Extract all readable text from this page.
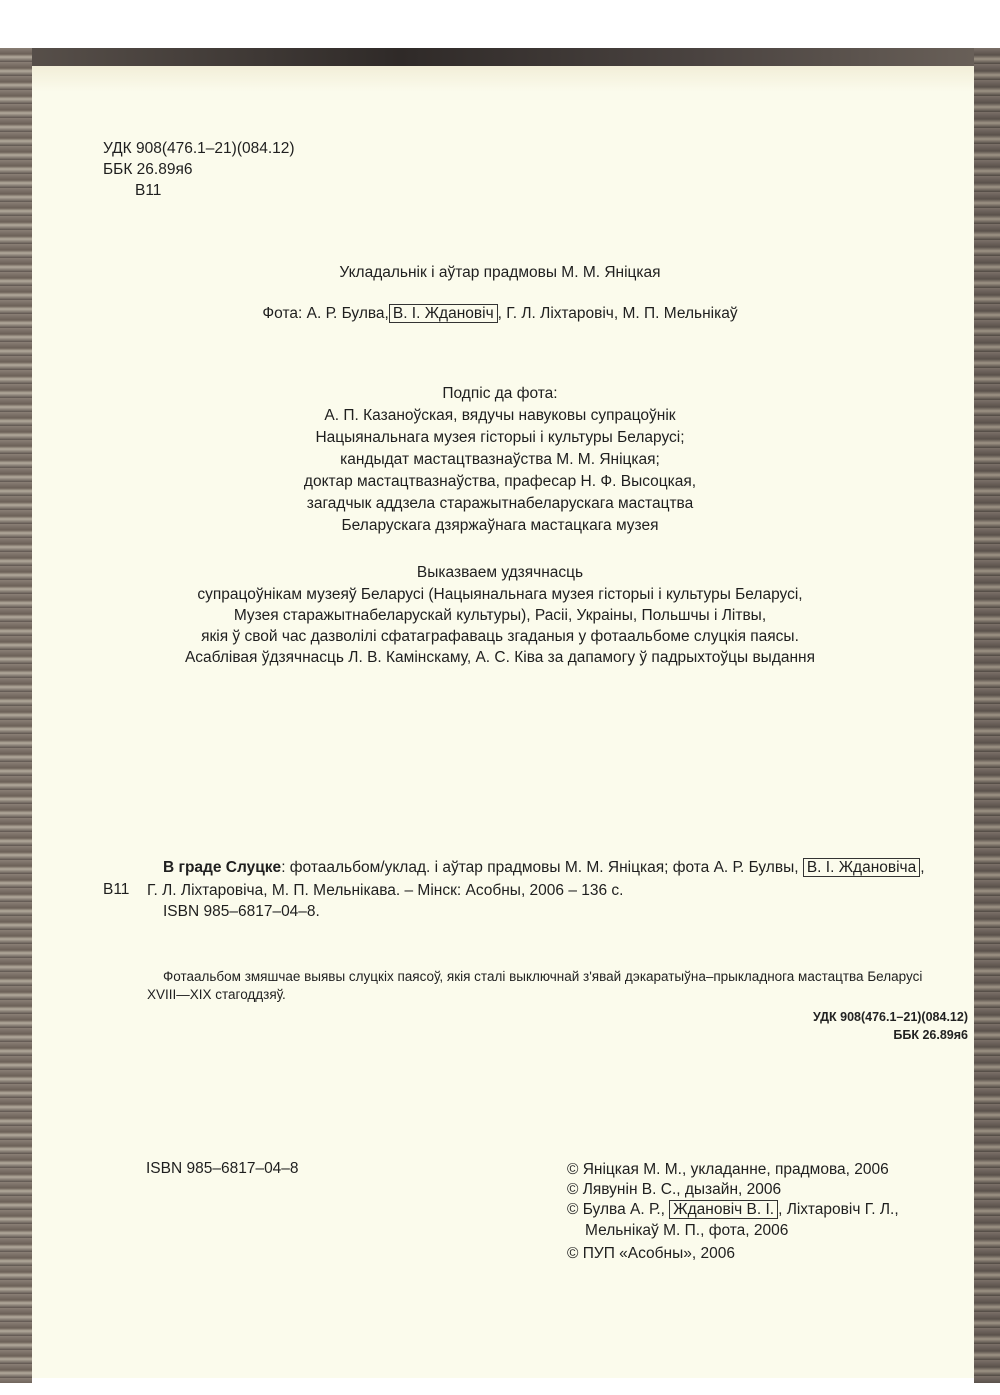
УДК 908(476.1–21)(084.12)
ББК 26.89я6
В11
Укладальнік і аўтар прадмовы М. М. Яніцкая
Фота: А. Р. Булва, В. І. Ждановіч , Г. Л. Ліхтаровіч, М. П. Мельнікаў
Подпіс да фота:
А. П. Казаноўская, вядучы навуковы супрацоўнік
Нацыянальнага музея гісторыі і культуры Беларусі;
кандыдат мастацтвазнаўства М. М. Яніцкая;
доктар мастацтвазнаўства, прафесар Н. Ф. Высоцкая,
загадчык аддзела старажытнабеларускага мастацтва
Беларускага дзяржаўнага мастацкага музея
Выказваем удзячнасць
супрацоўнікам музеяў Беларусі (Нацыянальнага музея гісторыі і культуры Беларусі,
Музея старажытнабеларускай культуры), Расіі, Украіны, Польшчы і Літвы,
якія ў свой час дазволілі сфатаграфаваць згаданыя у фотаальбоме слуцкія паясы.
Асаблівая ўдзячнасць Л. В. Камінскаму, А. С. Ківа за дапамогу ў падрыхтоўцы выдання
В11
В граде Слуцке: фотаальбом/уклад. і аўтар прадмовы М. М. Яніцкая; фота А. Р. Булвы, В. І. Ждановіча ,
Г. Л. Ліхтаровіча, М. П. Мельнікава. – Мінск: Асобны, 2006 – 136 с.
ISBN 985–6817–04–8.
Фотаальбом змяшчае выявы слуцкіх паясоў, якія сталі выключнай з'явай дэкаратыўна–прыкладнога мастацтва Беларусі
XVIII—XIX стагоддзяў.
УДК 908(476.1–21)(084.12)
ББК 26.89я6
ISBN 985–6817–04–8	© Яніцкая М. М., укладанне, прадмова, 2006
© Лявунін В. С., дызайн, 2006
© Булва А. Р., Ждановіч В. І. , Ліхтаровіч Г. Л.,
Мельнікаў М. П., фота, 2006
© ПУП «Асобны», 2006
